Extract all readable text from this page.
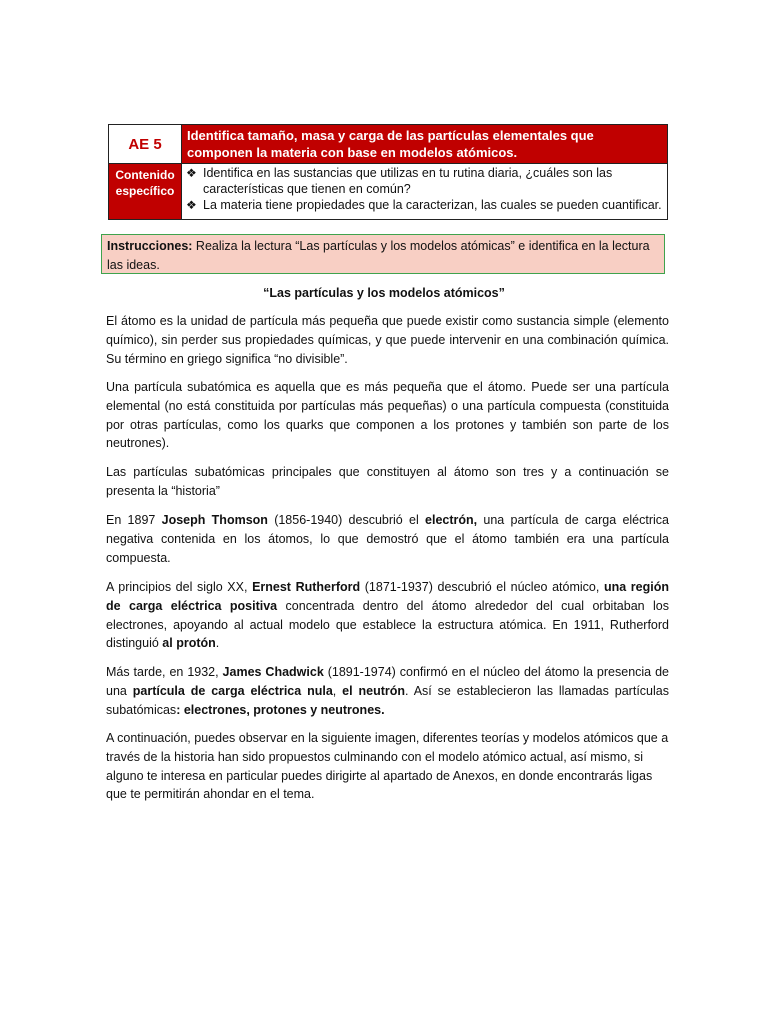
AE 5	Identifica tamaño, masa y carga de las partículas elementales que componen la materia con base en modelos atómicos.
Contenido específico	❖ Identifica en las sustancias que utilizas en tu rutina diaria, ¿cuáles son las características que tienen en común?
❖ La materia tiene propiedades que la caracterizan, las cuales se pueden cuantificar.
Instrucciones: Realiza la lectura “Las partículas y los modelos atómicas” e identifica en la lectura las ideas.
“Las partículas y los modelos atómicos”

El átomo es la unidad de partícula más pequeña que puede existir como sustancia simple (elemento químico), sin perder sus propiedades químicas, y que puede intervenir en una combinación química. Su término en griego significa “no divisible”.

Una partícula subatómica es aquella que es más pequeña que el átomo. Puede ser una partícula elemental (no está constituida por partículas más pequeñas) o una partícula compuesta (constituida por otras partículas, como los quarks que componen a los protones y también son parte de los neutrones).

Las partículas subatómicas principales que constituyen al átomo son tres y a continuación se presenta la “historia”

En 1897 Joseph Thomson (1856-1940) descubrió el electrón, una partícula de carga eléctrica negativa contenida en los átomos, lo que demostró que el átomo también era una partícula compuesta.

A principios del siglo XX, Ernest Rutherford (1871-1937) descubrió el núcleo atómico, una región de carga eléctrica positiva concentrada dentro del átomo alrededor del cual orbitaban los electrones, apoyando al actual modelo que establece la estructura atómica. En 1911, Rutherford distinguió al protón.

Más tarde, en 1932, James Chadwick (1891-1974) confirmó en el núcleo del átomo la presencia de una partícula de carga eléctrica nula, el neutrón. Así se establecieron las llamadas partículas subatómicas: electrones, protones y neutrones.

A continuación, puedes observar en la siguiente imagen, diferentes teorías y modelos atómicos que a través de la historia han sido propuestos culminando con el modelo atómico actual, así mismo, si alguno te interesa en particular puedes dirigirte al apartado de Anexos, en donde encontrarás ligas que te permitirán ahondar en el tema.
